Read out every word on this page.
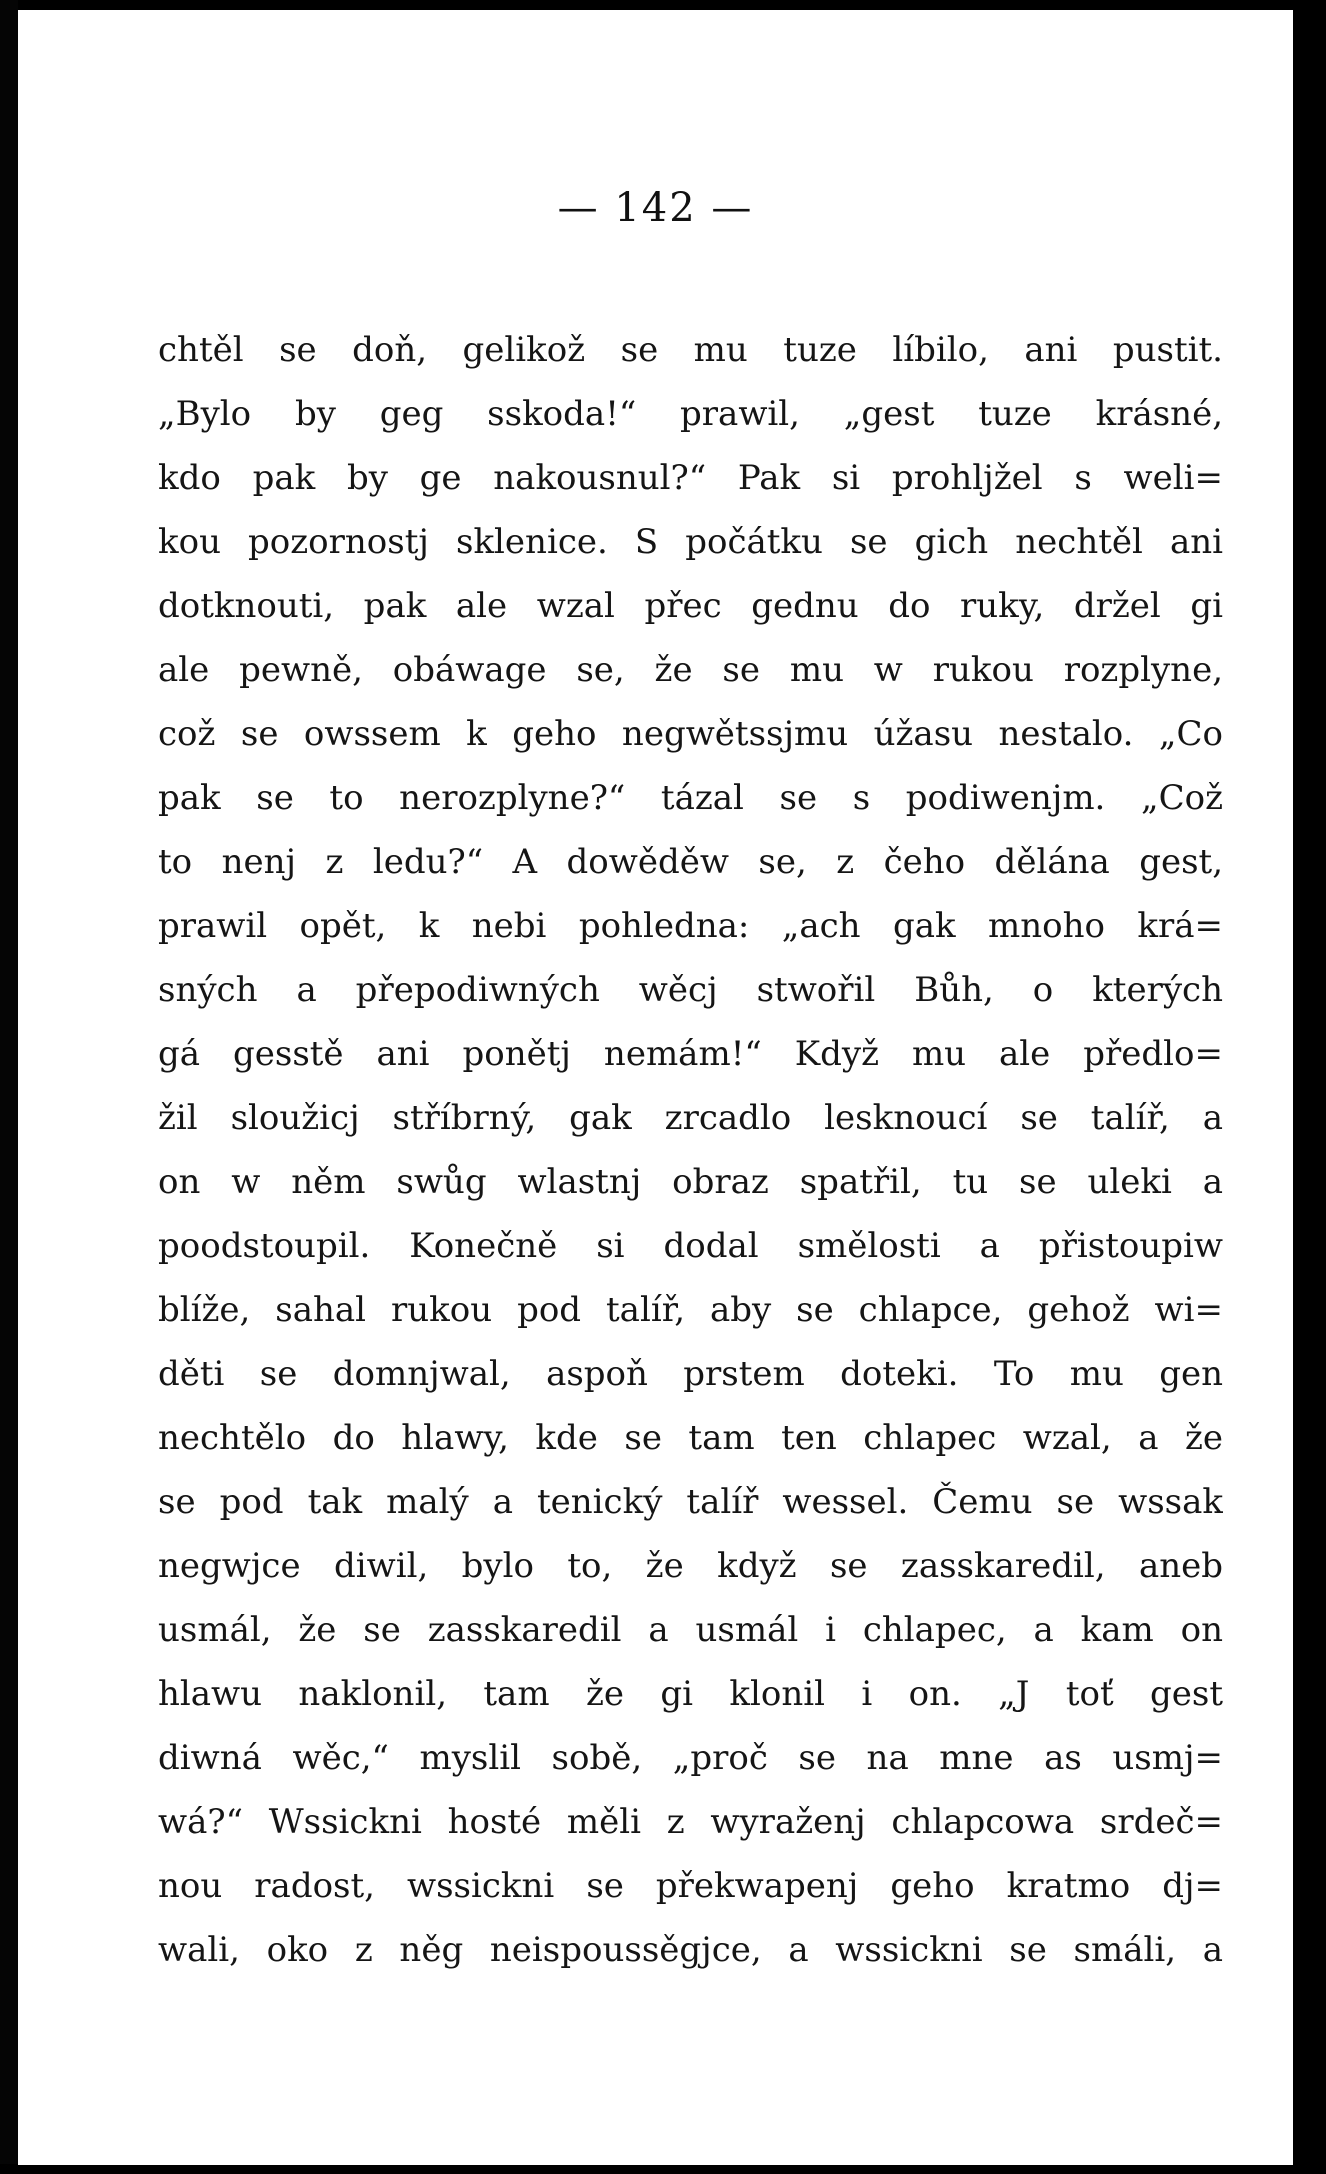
— 142 —
chtěl se doň, gelikož se mu tuze líbilo, ani pustit.
„Bylo by geg sskoda!“ prawil, „gest tuze krásné,
kdo pak by ge nakousnul?“ Pak si prohljžel s weli=
kou pozornostj sklenice. S počátku se gich nechtěl ani
dotknouti, pak ale wzal přec gednu do ruky, držel gi
ale pewně, obáwage se, že se mu w rukou rozplyne,
což se owssem k geho negwětssjmu úžasu nestalo. „Co
pak se to nerozplyne?“ tázal se s podiwenjm. „Což
to nenj z ledu?“ A dowěděw se, z čeho dělána gest,
prawil opět, k nebi pohledna: „ach gak mnoho krá=
sných a přepodiwných wěcj stwořil Bůh, o kterých
gá gesstě ani ponětj nemám!“ Když mu ale předlo=
žil sloužicj stříbrný, gak zrcadlo lesknoucí se talíř, a
on w něm swůg wlastnj obraz spatřil, tu se uleki a
poodstoupil. Konečně si dodal smělosti a přistoupiw
blíže, sahal rukou pod talíř, aby se chlapce, gehož wi=
děti se domnjwal, aspoň prstem doteki. To mu gen
nechtělo do hlawy, kde se tam ten chlapec wzal, a že
se pod tak malý a tenický talíř wessel. Čemu se wssak
negwjce diwil, bylo to, že když se zasskaredil, aneb
usmál, že se zasskaredil a usmál i chlapec, a kam on
hlawu naklonil, tam že gi klonil i on. „J toť gest
diwná wěc,“ myslil sobě, „proč se na mne as usmj=
wá?“ Wssickni hosté měli z wyraženj chlapcowa srdeč=
nou radost, wssickni se překwapenj geho kratmo dj=
wali, oko z něg neispoussěgjce, a wssickni se smáli, a
